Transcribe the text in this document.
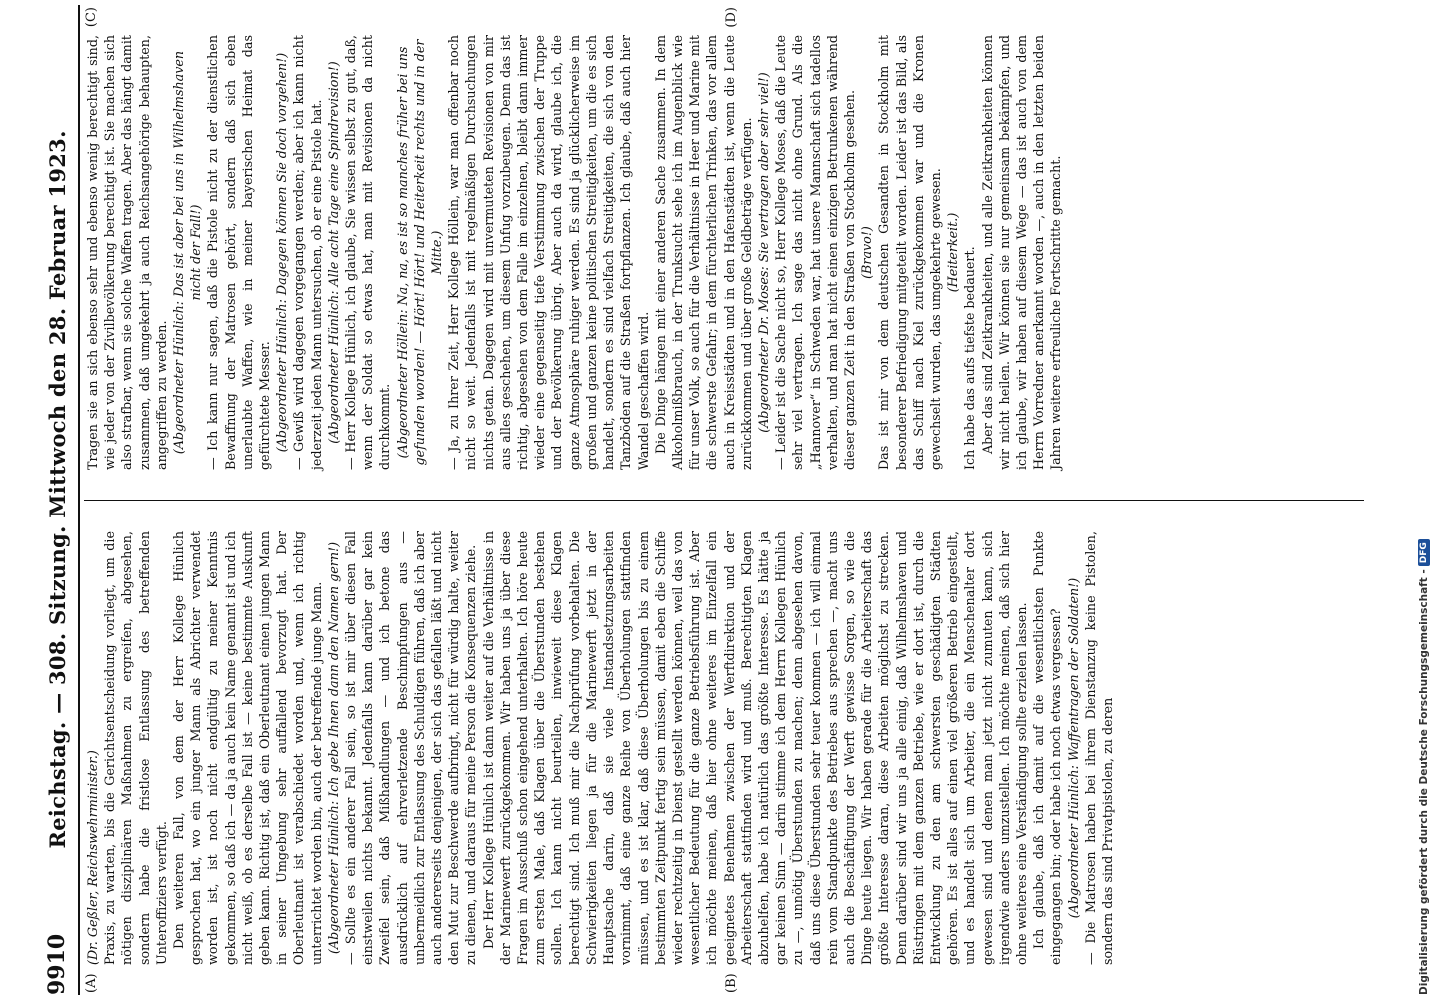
9910
Reichstag. — 308. Sitzung. Mittwoch den 28. Februar 1923.
(A)	(B)

(Dr. Geßler, Reichswehrminister.) Praxis, zu warten, bis die Gerichtsentscheidung vorliegt, um die nötigen disziplinären Maßnahmen zu ergreifen, abgesehen, sondern habe die fristlose Entlassung des betreffenden Unteroffiziers verfügt. Den weiteren Fall, von dem der Herr Kollege Hünlich gesprochen hat, wo ein junger Mann als Abrichter verwendet worden ist, ist noch nicht endgültig zu meiner Kenntnis gekommen, so daß ich — da ja auch kein Name genannt ist und ich nicht weiß, ob es derselbe Fall ist — keine bestimmte Auskunft geben kann. Richtig ist, daß ein Oberleutnant einen jungen Mann in seiner Umgebung sehr auffallend bevorzugt hat. Der Oberleutnant ist verabschiedet worden und, wenn ich richtig unterrichtet worden bin, auch der betreffende junge Mann. (Abgeordneter Hünlich: Ich gebe Ihnen dann den Namen gern!) — Sollte es ein anderer Fall sein, so ist mir über diesen Fall einstweilen nichts bekannt. Jedenfalls kann darüber gar kein Zweifel sein, daß Mißhandlungen — und ich betone das ausdrücklich auf ehrverletzende Beschimpfungen aus — unbermeidlich zur Entlassung des Schuldigen führen, daß ich aber auch andererseits denjenigen, der sich das gefallen läßt und nicht den Mut zur Beschwerde aufbringt, nicht für würdig halte, weiter zu dienen, und daraus für meine Person die Konsequenzen ziehe. Der Herr Kollege Hünlich ist dann weiter auf die Verhältnisse in der Marinewerft zurückgekommen. Wir haben uns ja über diese Fragen im Ausschuß schon eingehend unterhalten. Ich höre heute zum ersten Male, daß Klagen über die Überstunden bestehen sollen. Ich kann nicht beurteilen, inwieweit diese Klagen berechtigt sind. Ich muß mir die Nachprüfung vorbehalten. Die Schwierigkeiten liegen ja für die Marinewerft jetzt in der Hauptsache darin, daß sie viele Instandsetzungsarbeiten vornimmt, daß eine ganze Reihe von Überholungen stattfinden müssen, und es ist klar, daß diese Überholungen bis zu einem bestimmten Zeitpunkt fertig sein müssen, damit eben die Schiffe wieder rechtzeitig in Dienst gestellt werden können, weil das von wesentlicher Bedeutung für die ganze Betriebsführung ist. Aber ich möchte meinen, daß hier ohne weiteres im Einzelfall ein geeignetes Benehmen zwischen der Werftdirektion und der Arbeiterschaft stattfinden wird und muß. Berechtigten Klagen abzuhelfen, habe ich natürlich das größte Interesse. Es hätte ja gar keinen Sinn — darin stimme ich dem Herrn Kollegen Hünlich zu —, unnötig Überstunden zu machen; denn abgesehen davon, daß uns diese Überstunden sehr teuer kommen — ich will einmal rein vom Standpunkte des Betriebes aus sprechen —, macht uns auch die Beschäftigung der Werft gewisse Sorgen, so wie die Dinge heute liegen. Wir haben gerade für die Arbeiterschaft das größte Interesse daran, diese Arbeiten möglichst zu strecken. Denn darüber sind wir uns ja alle einig, daß Wilhelmshaven und Rüstringen mit dem ganzen Betriebe, wie er dort ist, durch die Entwicklung zu den am schwersten geschädigten Städten gehören. Es ist alles auf einen viel größeren Betrieb eingestellt, und es handelt sich um Arbeiter, die ein Menschenalter dort gewesen sind und denen man jetzt nicht zumuten kann, sich irgendwie anders umzustellen. Ich möchte meinen, daß sich hier ohne weiteres eine Verständigung sollte erzielen lassen. Ich glaube, daß ich damit auf die wesentlichsten Punkte eingegangen bin; oder habe ich noch etwas vergessen? (Abgeordneter Hünlich: Waffentragen der Soldaten!) — Die Matrosen haben bei ihrem Dienstanzug keine Pistolen, sondern das sind Privatpistolen, zu deren

(C)	(D)

Tragen sie an sich ebenso sehr und ebenso wenig berechtigt sind, wie jeder von der Zivilbevölkerung berechtigt ist. Sie machen sich also strafbar, wenn sie solche Waffen tragen. Aber das hängt damit zusammen, daß umgekehrt ja auch Reichsangehörige behaupten, angegriffen zu werden. (Abgeordneter Hünlich: Das ist aber bei uns in Wilhelmshaven nicht der Fall!) — Ich kann nur sagen, daß die Pistole nicht zu der dienstlichen Bewaffnung der Matrosen gehört, sondern daß sich eben unerlaubte Waffen, wie in meiner bayerischen Heimat das gefürchtete Messer. (Abgeordneter Hünlich: Dagegen können Sie doch vorgehen!) — Gewiß wird dagegen vorgegangen werden; aber ich kann nicht jederzeit jeden Mann untersuchen, ob er eine Pistole hat. (Abgeordneter Hünlich: Alle acht Tage eine Spindrevision!) — Herr Kollege Hünlich, ich glaube, Sie wissen selbst zu gut, daß, wenn der Soldat so etwas hat, man mit Revisionen da nicht durchkommt. (Abgeordneter Höllein: Na, na, es ist so manches früher bei uns gefunden worden! — Hört! Hört! und Heiterkeit rechts und in der Mitte.) — Ja, zu Ihrer Zeit, Herr Kollege Höllein, war man offenbar noch nicht so weit. Jedenfalls ist mit regelmäßigen Durchsuchungen nichts getan. Dagegen wird mit unvermuteten Revisionen von mir aus alles geschehen, um diesem Unfug vorzubeugen. Denn das ist richtig, abgesehen von dem Falle im einzelnen, bleibt dann immer wieder eine gegenseitig tiefe Verstimmung zwischen der Truppe und der Bevölkerung übrig. Aber auch da wird, glaube ich, die ganze Atmosphäre ruhiger werden. Es sind ja glücklicherweise im großen und ganzen keine politischen Streitigkeiten, um die es sich handelt, sondern es sind vielfach Streitigkeiten, die sich von den Tanzböden auf die Straßen fortpflanzen. Ich glaube, daß auch hier Wandel geschaffen wird. Die Dinge hängen mit einer anderen Sache zusammen. In dem Alkoholmißbrauch, in der Trunksucht sehe ich im Augenblick wie für unser Volk, so auch für die Verhältnisse in Heer und Marine mit die schwerste Gefahr; in dem fürchterlichen Trinken, das vor allem auch in Kreisstädten und in den Hafenstädten ist, wenn die Leute zurückkommen und über große Geldbeträge verfügen. (Abgeordneter Dr. Moses: Sie vertragen aber sehr viel!) — Leider ist die Sache nicht so, Herr Kollege Moses, daß die Leute sehr viel vertragen. Ich sage das nicht ohne Grund. Als die „Hannover“ in Schweden war, hat unsere Mannschaft sich tadellos verhalten, und man hat nicht einen einzigen Betrunkenen während dieser ganzen Zeit in den Straßen von Stockholm gesehen. (Bravo!) Das ist mir von dem deutschen Gesandten in Stockholm mit besonderer Befriedigung mitgeteilt worden. Leider ist das Bild, als das Schiff nach Kiel zurückgekommen war und die Kronen gewechselt wurden, das umgekehrte gewesen. (Heiterkeit.) Ich habe das aufs tiefste bedauert. Aber das sind Zeitkrankheiten, und alle Zeitkrankheiten können wir nicht heilen. Wir können sie nur gemeinsam bekämpfen, und ich glaube, wir haben auf diesem Wege — das ist auch von dem Herrn Vorredner anerkannt worden —, auch in den letzten beiden Jahren weitere erfreuliche Fortschritte gemacht.

Digitalisierung gefördert durch die Deutsche Forschungsgemeinschaft -
DFG
